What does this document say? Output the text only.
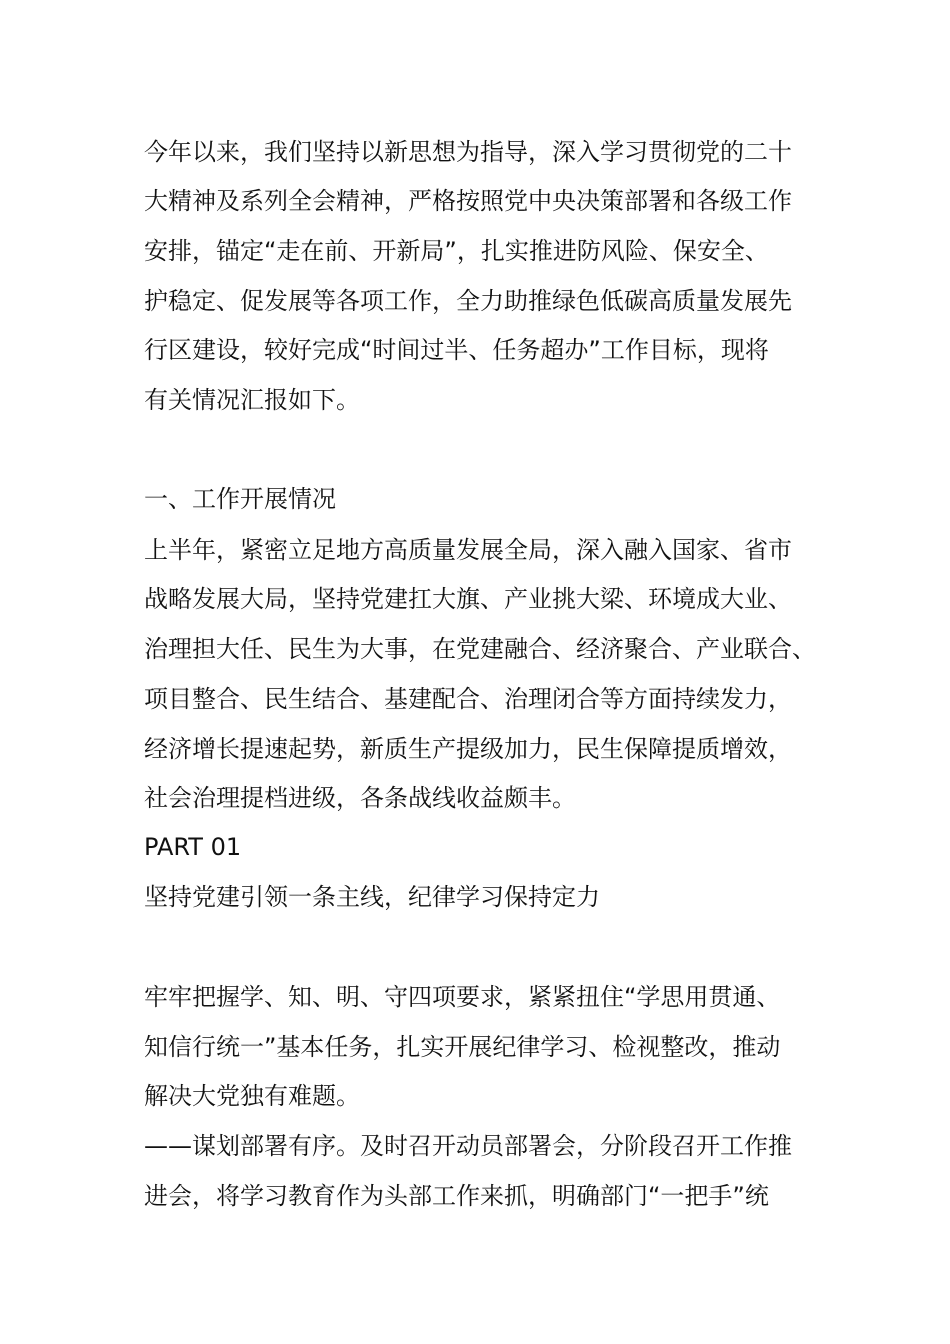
今年以来，我们坚持以新思想为指导，深入学习贯彻党的二十
大精神及系列全会精神，严格按照党中央决策部署和各级工作
安排，锚定“走在前、开新局”，扎实推进防风险、保安全、
护稳定、促发展等各项工作，全力助推绿色低碳高质量发展先
行区建设，较好完成“时间过半、任务超办”工作目标，现将
有关情况汇报如下。
一、工作开展情况
上半年，紧密立足地方高质量发展全局，深入融入国家、省市
战略发展大局，坚持党建扛大旗、产业挑大梁、环境成大业、
治理担大任、民生为大事，在党建融合、经济聚合、产业联合、
项目整合、民生结合、基建配合、治理闭合等方面持续发力，
经济增长提速起势，新质生产提级加力，民生保障提质增效，
社会治理提档进级，各条战线收益颇丰。
PART 01
坚持党建引领一条主线，纪律学习保持定力
牢牢把握学、知、明、守四项要求，紧紧扭住“学思用贯通、
知信行统一”基本任务，扎实开展纪律学习、检视整改，推动
解决大党独有难题。
——谋划部署有序。及时召开动员部署会，分阶段召开工作推
进会，将学习教育作为头部工作来抓，明确部门“一把手”统
